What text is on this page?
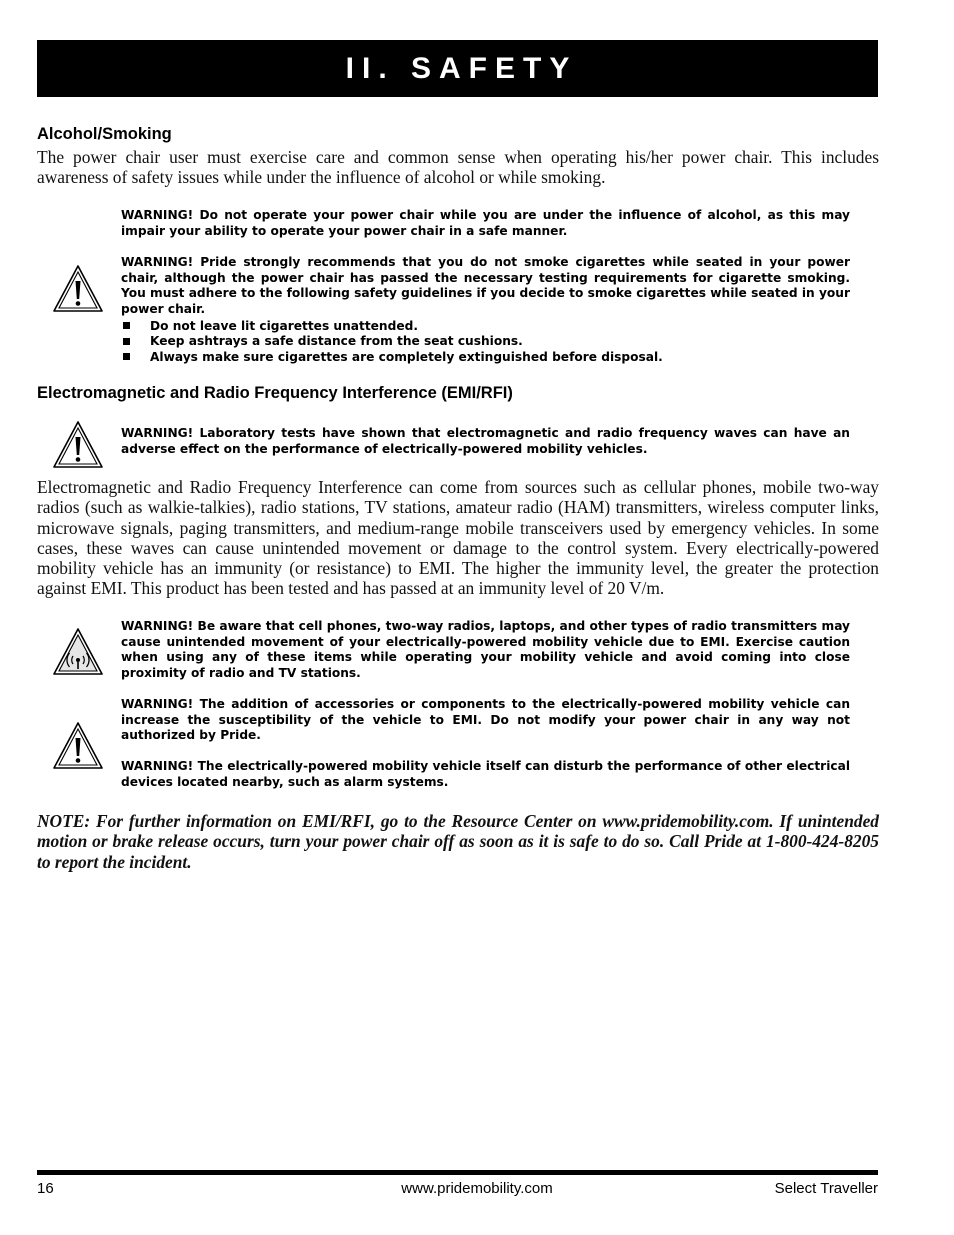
II. SAFETY
Alcohol/Smoking
The power chair user must exercise care and common sense when operating his/her power chair. This includes awareness of safety issues while under the influence of alcohol or while smoking.
WARNING! Do not operate your power chair while you are under the influence of alcohol, as this may impair your ability to operate your power chair in a safe manner.
WARNING! Pride strongly recommends that you do not smoke cigarettes while seated in your power chair, although the power chair has passed the necessary testing requirements for cigarette smoking. You must adhere to the following safety guidelines if you decide to smoke cigarettes while seated in your power chair.
Do not leave lit cigarettes unattended.
Keep ashtrays a safe distance from the seat cushions.
Always make sure cigarettes are completely extinguished before disposal.
Electromagnetic and Radio Frequency Interference (EMI/RFI)
WARNING! Laboratory tests have shown that electromagnetic and radio frequency waves can have an adverse effect on the performance of electrically-powered mobility vehicles.
Electromagnetic and Radio Frequency Interference can come from sources such as cellular phones, mobile two-way radios (such as walkie-talkies), radio stations, TV stations, amateur radio (HAM) transmitters, wireless computer links, microwave signals, paging transmitters, and medium-range mobile transceivers used by emergency vehicles. In some cases, these waves can cause unintended movement or damage to the control system. Every electrically-powered mobility vehicle has an immunity (or resistance) to EMI. The higher the immunity level, the greater the protection against EMI. This product has been tested and has passed at an immunity level of 20 V/m.
WARNING! Be aware that cell phones, two-way radios, laptops, and other types of radio transmitters may cause unintended movement of your electrically-powered mobility vehicle due to EMI. Exercise caution when using any of these items while operating your mobility vehicle and avoid coming into close proximity of radio and TV stations.
WARNING! The addition of accessories or components to the electrically-powered mobility vehicle can increase the susceptibility of the vehicle to EMI. Do not modify your power chair in any way not authorized by Pride.
WARNING! The electrically-powered mobility vehicle itself can disturb the performance of other electrical devices located nearby, such as alarm systems.
NOTE: For further information on EMI/RFI, go to the Resource Center on www.pridemobility.com. If unintended motion or brake release occurs, turn your power chair off as soon as it is safe to do so. Call Pride at 1-800-424-8205 to report the incident.
16	www.pridemobility.com	Select Traveller
